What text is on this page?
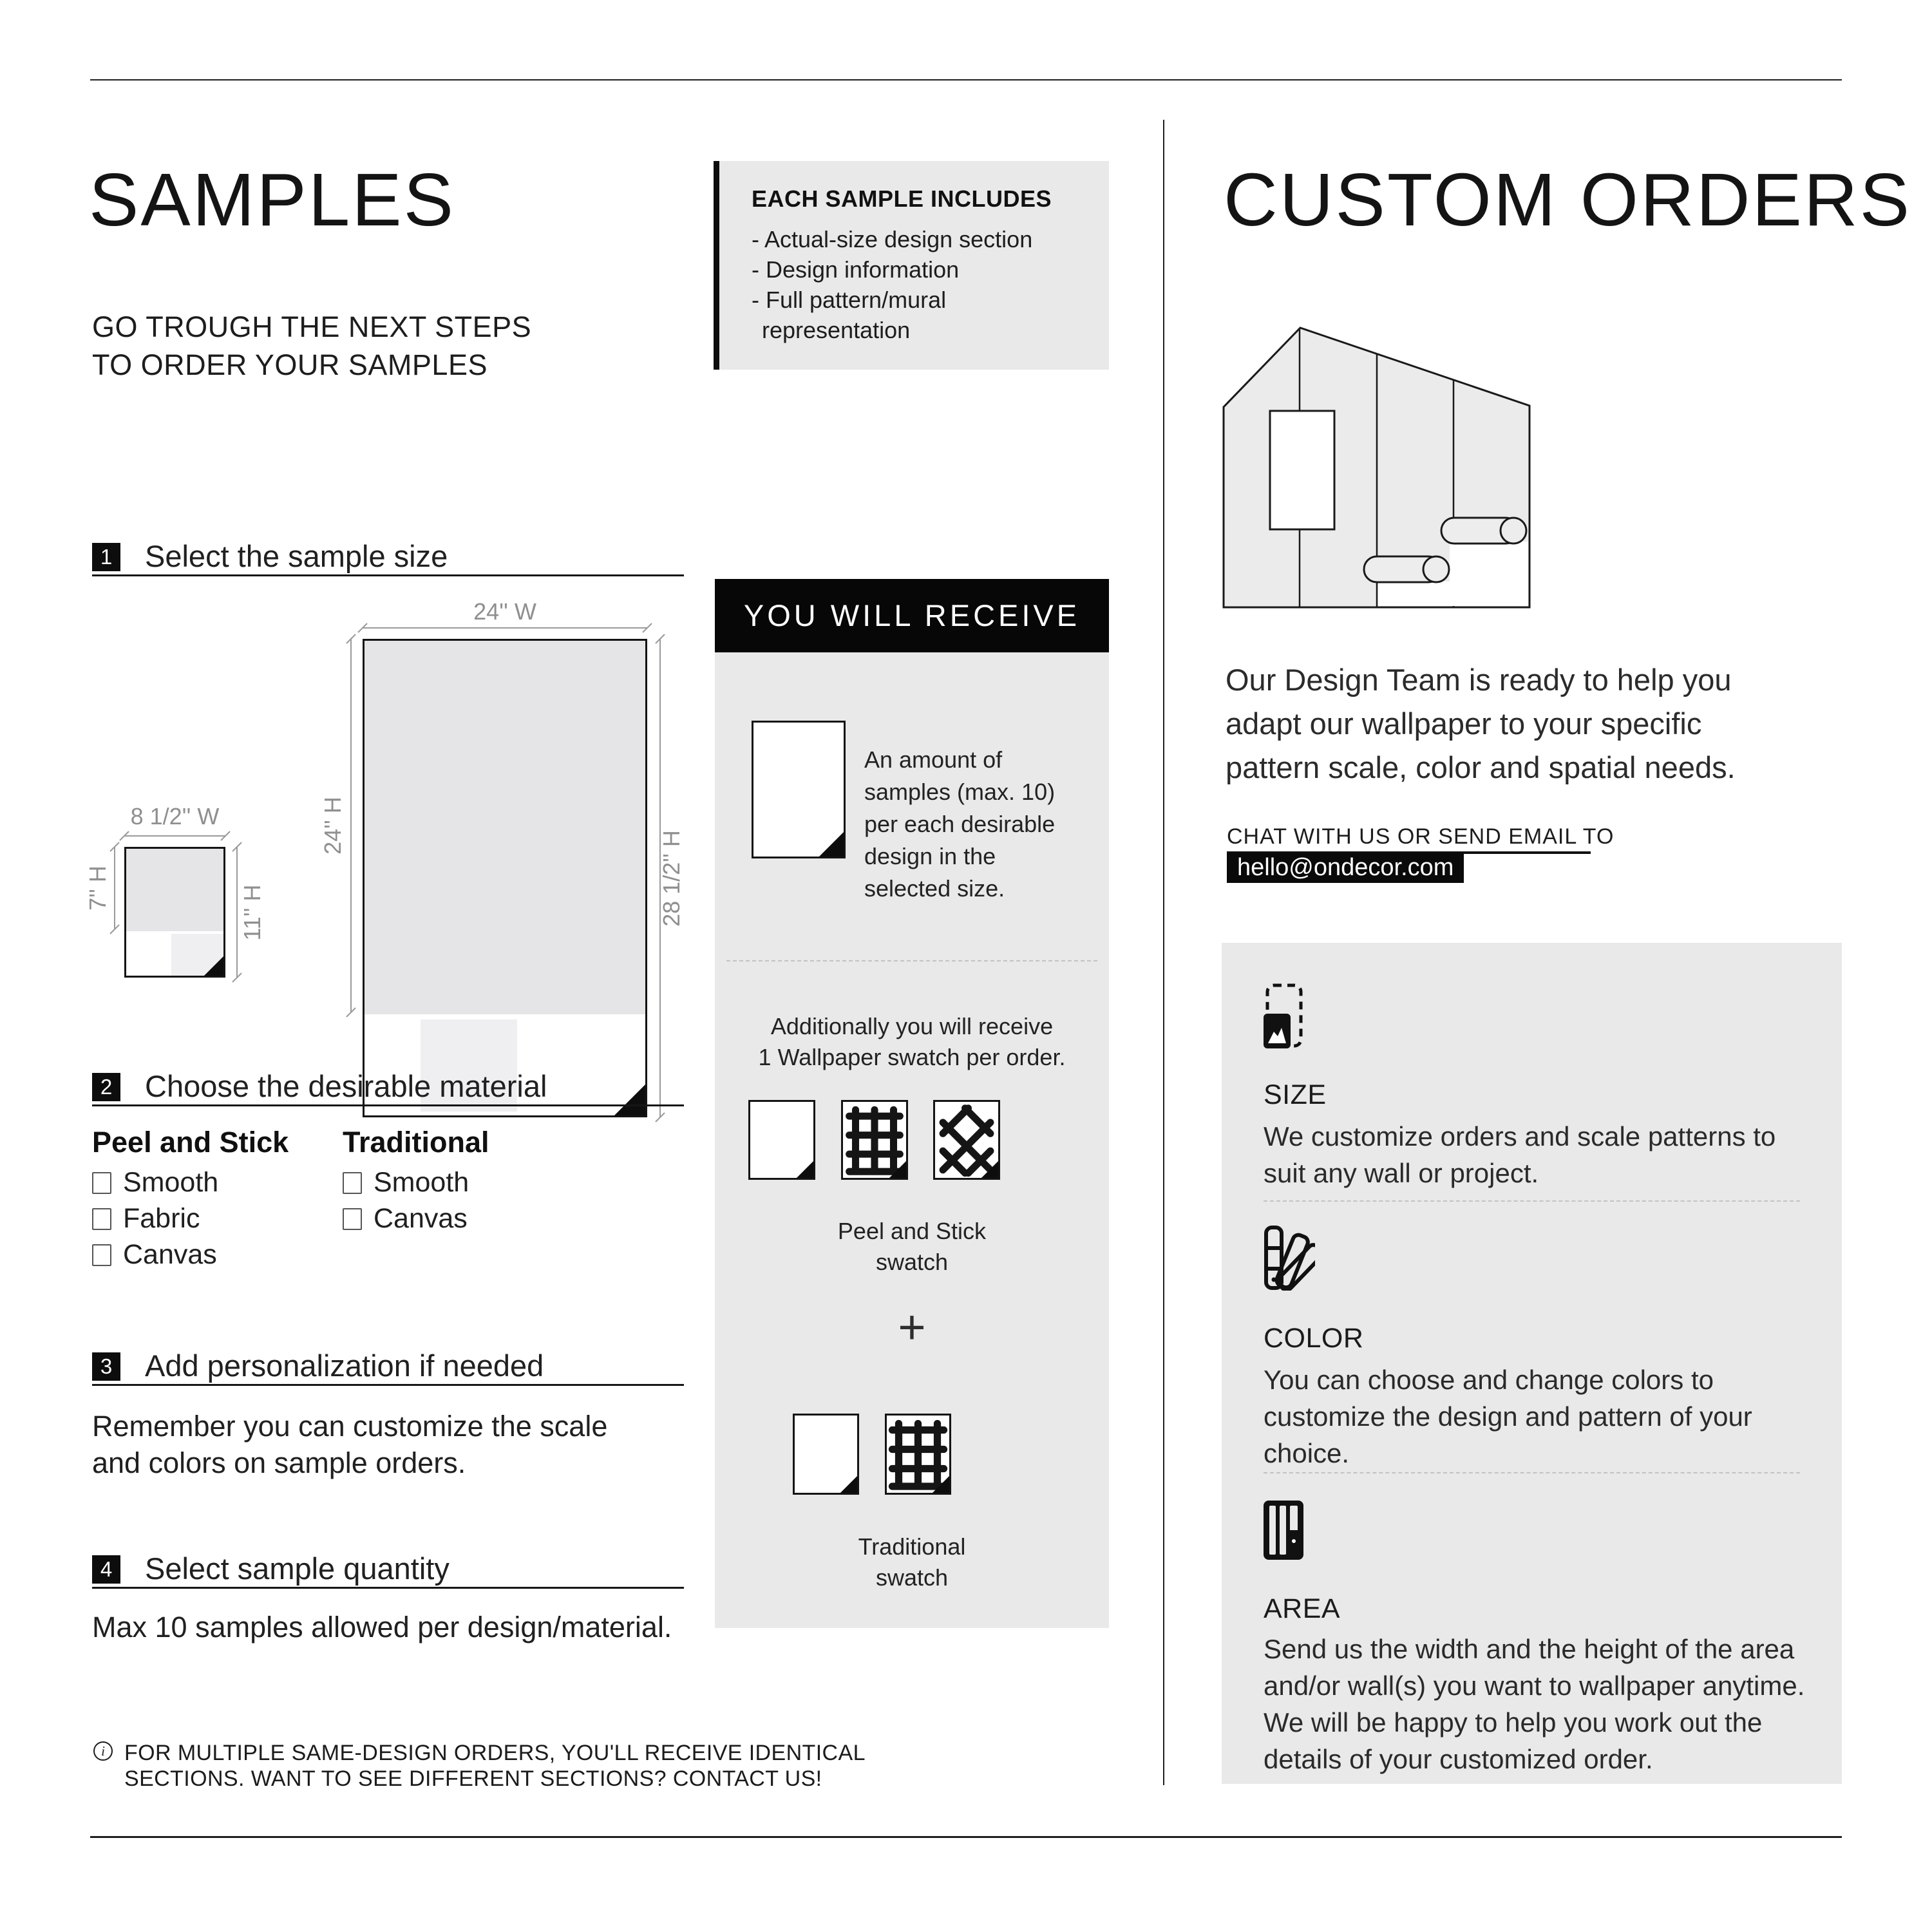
SAMPLES
GO TROUGH THE NEXT STEPS
TO ORDER YOUR SAMPLES
EACH SAMPLE INCLUDES
- Actual-size design section
- Design information
- Full pattern/mural
representation
1 Select the sample size
8 1/2'' W
7'' H	11'' H
24'' W
24'' H
28 1/2'' H
2 Choose the desirable material
Peel and Stick
Smooth
Fabric
Canvas
Traditional
Smooth
Canvas
3 Add personalization if needed
Remember you can customize the scale
and colors on sample orders.
4 Select sample quantity
Max 10 samples allowed per design/material.
i FOR MULTIPLE SAME-DESIGN ORDERS, YOU'LL RECEIVE IDENTICAL
SECTIONS. WANT TO SEE DIFFERENT SECTIONS? CONTACT US!
YOU WILL RECEIVE
An amount of
samples (max. 10)
per each desirable
design in the
selected size.
Additionally you will receive
1 Wallpaper swatch per order.
Peel and Stick
swatch
+
Traditional
swatch
CUSTOM ORDERS
Our Design Team is ready to help you adapt our wallpaper to your specific pattern scale, color and spatial needs.
CHAT WITH US OR SEND EMAIL TO
hello@ondecor.com
SIZE
We customize orders and scale patterns to suit any wall or project.
COLOR
You can choose and change colors to customize the design and pattern of your choice.
AREA
Send us the width and the height of the area and/or wall(s) you want to wallpaper anytime. We will be happy to help you work out the details of your customized order.
